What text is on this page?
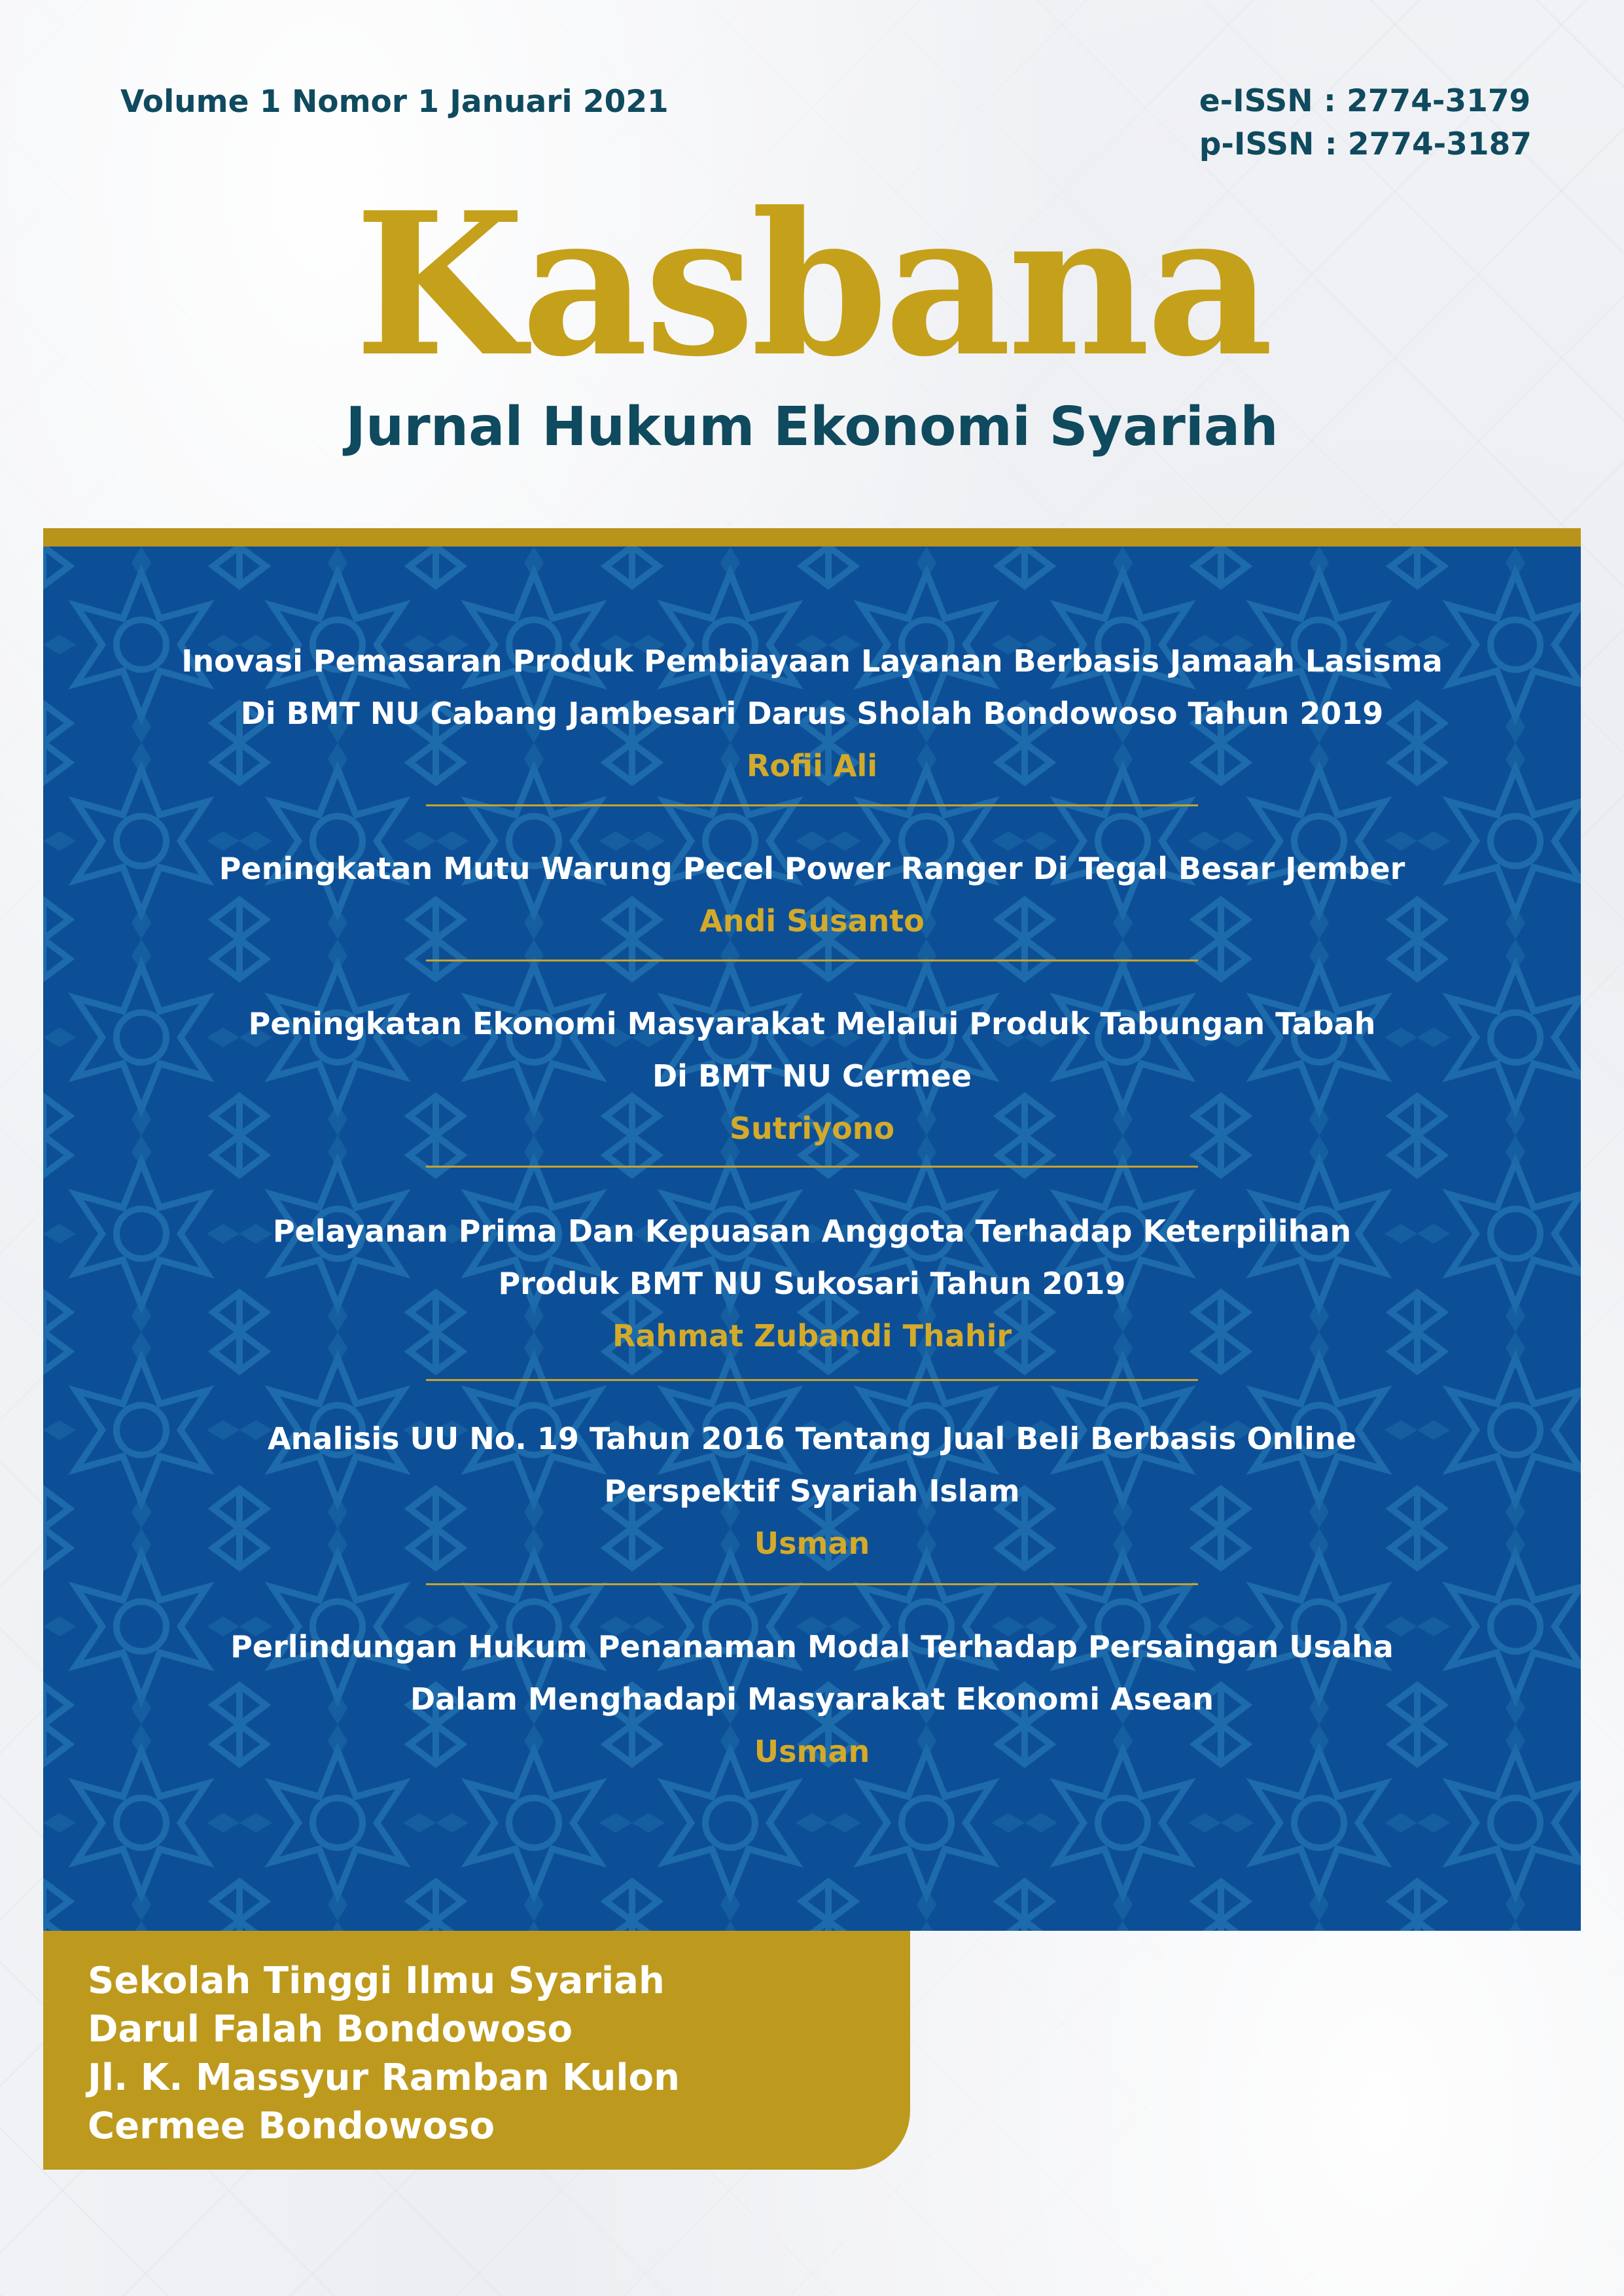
Volume 1 Nomor 1 Januari 2021	e-ISSN : 2774-3179
p-ISSN : 2774-3187
Kasbana
Jurnal Hukum Ekonomi Syariah
Inovasi Pemasaran Produk Pembiayaan Layanan Berbasis Jamaah Lasisma
Di BMT NU Cabang Jambesari Darus Sholah Bondowoso Tahun 2019
Rofii Ali
Peningkatan Mutu Warung Pecel Power Ranger Di Tegal Besar Jember
Andi Susanto
Peningkatan Ekonomi Masyarakat Melalui Produk Tabungan Tabah
Di BMT NU Cermee
Sutriyono
Pelayanan Prima Dan Kepuasan Anggota Terhadap Keterpilihan
Produk BMT NU Sukosari Tahun 2019
Rahmat Zubandi Thahir
Analisis UU No. 19 Tahun 2016 Tentang Jual Beli Berbasis Online
Perspektif Syariah Islam
Usman
Perlindungan Hukum Penanaman Modal Terhadap Persaingan Usaha
Dalam Menghadapi Masyarakat Ekonomi Asean
Usman
Sekolah Tinggi Ilmu Syariah
Darul Falah Bondowoso
Jl. K. Massyur Ramban Kulon
Cermee Bondowoso
